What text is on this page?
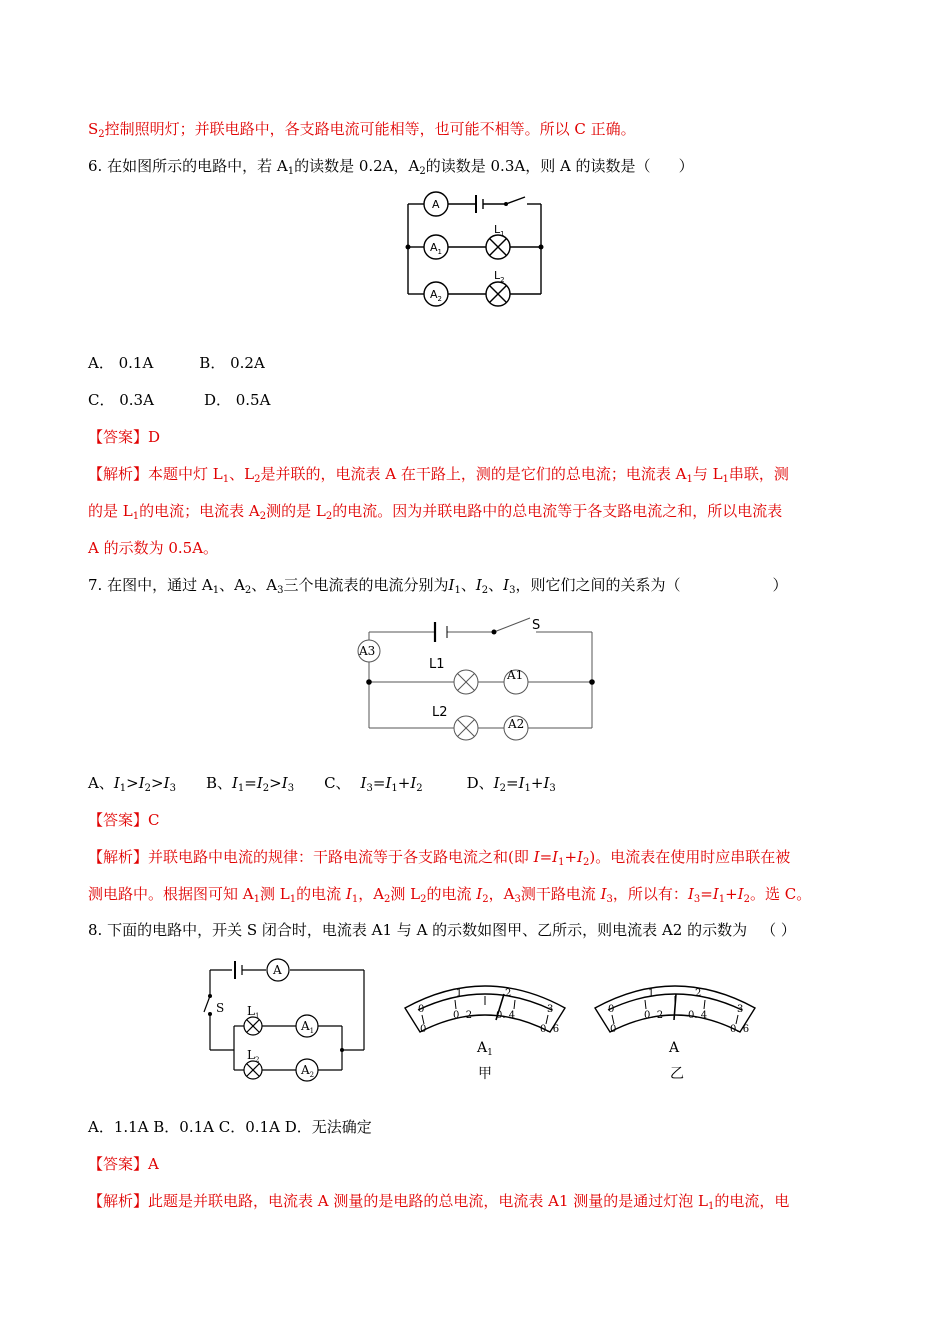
$S_2$控制照明灯；并联电路中，各支路电流可能相等，也可能不相等。所以 C 正确。
6. 在如图所示的电路中，若 $A_1$的读数是 0.2A，$A_2$的读数是 0.3A，则 A 的读数是（ ）
A
$A_1$
$A_2$
$L_1$
$L_2$
A． 0.1A	B． 0.2A
C． 0.3A	D． 0.5A
【答案】D
【解析】本题中灯 $L_1$、$L_2$是并联的，电流表 A 在干路上，测的是它们的总电流；电流表 $A_1$与 $L_1$串联，测
的是 $L_1$的电流；电流表 $A_2$测的是 $L_2$的电流。因为并联电路中的总电流等于各支路电流之和，所以电流表
A 的示数为 0.5A。
7. 在图中，通过 $A_1$、$A_2$、$A_3$三个电流表的电流分别为$I_1$、$I_2$、$I_3$，则它们之间的关系为（	）
S
A3
L1
A1
L2
A2
A、$I_1>I_2>I_3$ B、$I_1=I_2>I_3$ C、 $I_3=I_1+I_2$	D、$I_2=I_1+I_3$
【答案】C
【解析】并联电路中电流的规律：干路电流等于各支路电流之和(即 $I=I_1+I_2$)。电流表在使用时应串联在被
测电路中。根据图可知 $A_1$测 $L_1$的电流 $I_1$，$A_2$测 $L_2$的电流 $I_2$，$A_3$测干路电流 $I_3$，所以有：$I_3=I_1+I_2$。选 C。
8. 下面的电路中，开关 S 闭合时，电流表 A1 与 A 的示数如图甲、乙所示，则电流表 A2 的示数为 （ ）
A
S $L_1$
$L_2$
$A_1$
$A_2$
0
1	2
3
0
0. 2 0. 4
0. 6
$A_1$
甲
0
1	2
3
0
0. 2 0. 4
0. 6
A
乙
A．1.1A B．0.1A C．0.1A D．无法确定
【答案】A
【解析】此题是并联电路，电流表 A 测量的是电路的总电流，电流表 A1 测量的是通过灯泡 $L_1$的电流，电
